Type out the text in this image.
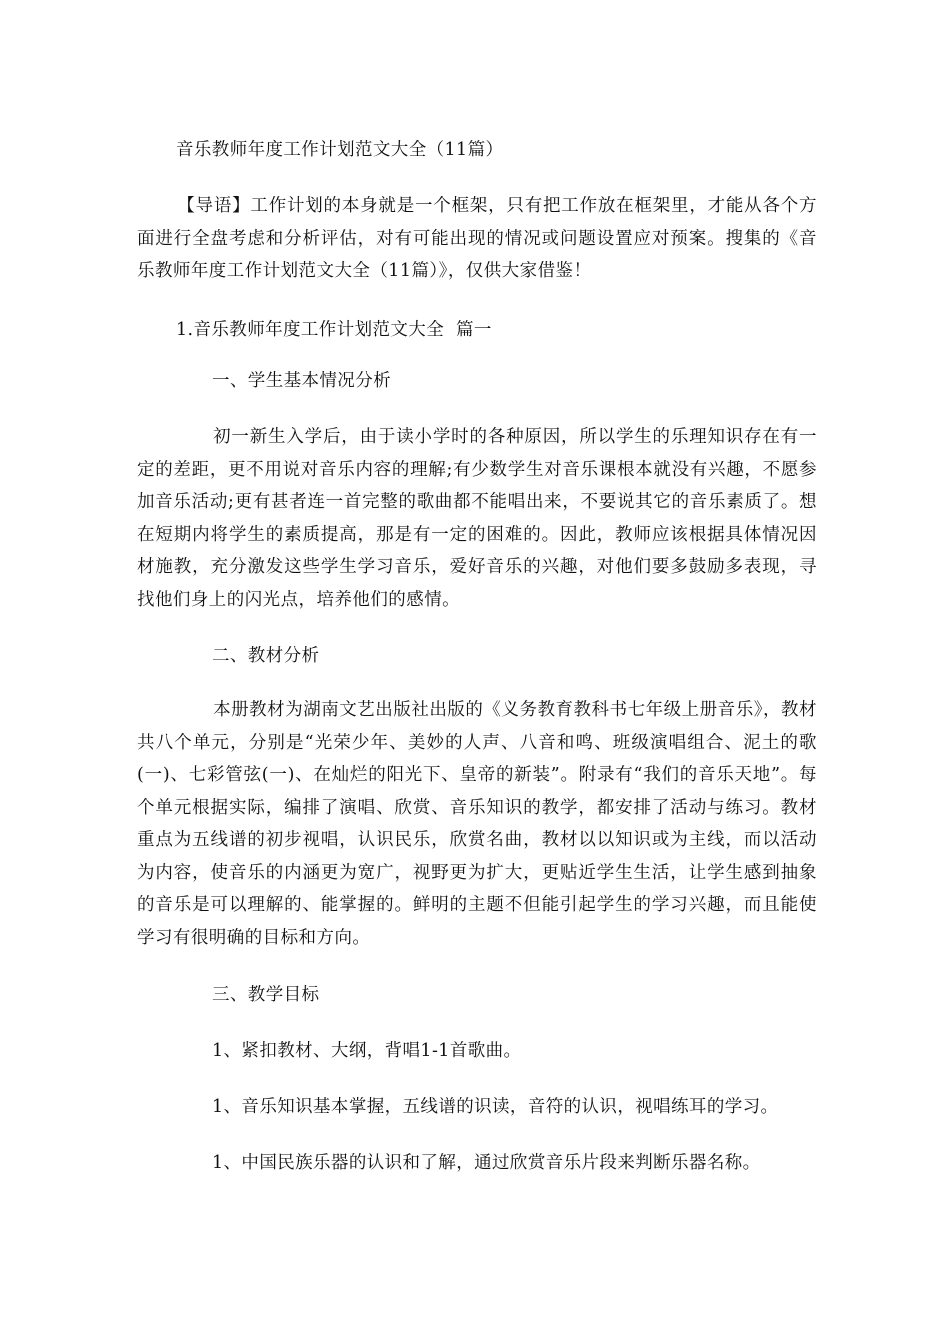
音乐教师年度工作计划范文大全（11篇）
【导语】工作计划的本身就是一个框架，只有把工作放在框架里，才能从各个方面进行全盘考虑和分析评估，对有可能出现的情况或问题设置应对预案。搜集的《音乐教师年度工作计划范文大全（11篇）》，仅供大家借鉴！
1.音乐教师年度工作计划范文大全  篇一
一、学生基本情况分析
初一新生入学后，由于读小学时的各种原因，所以学生的乐理知识存在有一定的差距，更不用说对音乐内容的理解;有少数学生对音乐课根本就没有兴趣，不愿参加音乐活动;更有甚者连一首完整的歌曲都不能唱出来，不要说其它的音乐素质了。想在短期内将学生的素质提高，那是有一定的困难的。因此，教师应该根据具体情况因材施教，充分激发这些学生学习音乐，爱好音乐的兴趣，对他们要多鼓励多表现，寻找他们身上的闪光点，培养他们的感情。
二、教材分析
本册教材为湖南文艺出版社出版的《义务教育教科书七年级上册音乐》，教材共八个单元，分别是“光荣少年、美妙的人声、八音和鸣、班级演唱组合、泥土的歌(一)、七彩管弦(一)、在灿烂的阳光下、皇帝的新装”。附录有“我们的音乐天地”。每个单元根据实际，编排了演唱、欣赏、音乐知识的教学，都安排了活动与练习。教材重点为五线谱的初步视唱，认识民乐，欣赏名曲，教材以以知识或为主线，而以活动为内容，使音乐的内涵更为宽广，视野更为扩大，更贴近学生生活，让学生感到抽象的音乐是可以理解的、能掌握的。鲜明的主题不但能引起学生的学习兴趣，而且能使学习有很明确的目标和方向。
三、教学目标
1、紧扣教材、大纲，背唱1-1首歌曲。
1、音乐知识基本掌握，五线谱的识读，音符的认识，视唱练耳的学习。
1、中国民族乐器的认识和了解，通过欣赏音乐片段来判断乐器名称。
